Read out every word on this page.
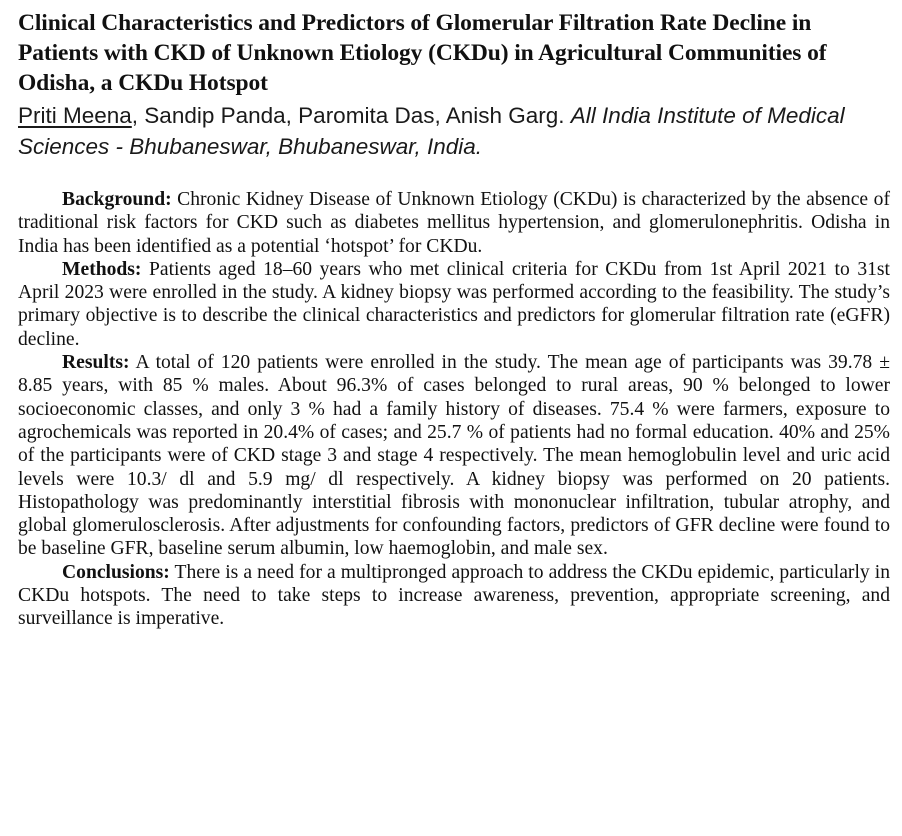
Clinical Characteristics and Predictors of Glomerular Filtration Rate Decline in Patients with CKD of Unknown Etiology (CKDu) in Agricultural Communities of Odisha, a CKDu Hotspot
Priti Meena, Sandip Panda, Paromita Das, Anish Garg. All India Institute of Medical Sciences - Bhubaneswar, Bhubaneswar, India.

Background: Chronic Kidney Disease of Unknown Etiology (CKDu) is characterized by the absence of traditional risk factors for CKD such as diabetes mellitus hypertension, and glomerulonephritis. Odisha in India has been identified as a potential ‘hotspot’ for CKDu.

Methods: Patients aged 18–60 years who met clinical criteria for CKDu from 1st April 2021 to 31st April 2023 were enrolled in the study. A kidney biopsy was performed according to the feasibility. The study’s primary objective is to describe the clinical characteristics and predictors for glomerular filtration rate (eGFR) decline.

Results: A total of 120 patients were enrolled in the study. The mean age of participants was 39.78 ± 8.85 years, with 85 % males. About 96.3% of cases belonged to rural areas, 90 % belonged to lower socioeconomic classes, and only 3 % had a family history of diseases. 75.4 % were farmers, exposure to agrochemicals was reported in 20.4% of cases; and 25.7 % of patients had no formal education. 40% and 25% of the participants were of CKD stage 3 and stage 4 respectively. The mean hemoglobulin level and uric acid levels were 10.3/ dl and 5.9 mg/ dl respectively. A kidney biopsy was performed on 20 patients. Histopathology was predominantly interstitial fibrosis with mononuclear infiltration, tubular atrophy, and global glomerulosclerosis. After adjustments for confounding factors, predictors of GFR decline were found to be baseline GFR, baseline serum albumin, low haemoglobin, and male sex.

Conclusions: There is a need for a multipronged approach to address the CKDu epidemic, particularly in CKDu hotspots. The need to take steps to increase awareness, prevention, appropriate screening, and surveillance is imperative.
